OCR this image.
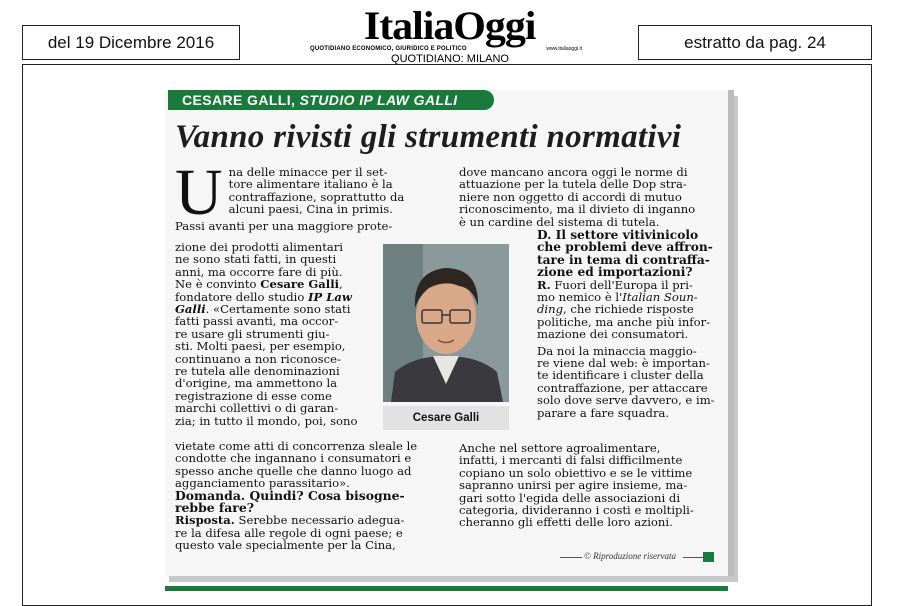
del 19 Dicembre 2016	ItaliaOggi
QUOTIDIANO ECONOMICO, GIURIDICO E POLITICO	www.italiaoggi.it
QUOTIDIANO: MILANO
estratto da pag. 24
CESARE GALLI, STUDIO IP LAW GALLI
Vanno rivisti gli strumenti normativi
U na delle minacce per il set-

tore alimentare italiano è la

contraffazione, soprattutto da

alcuni paesi, Cina in primis.

Passi avanti per una maggiore prote-

zione dei prodotti alimentari

ne sono stati fatti, in questi

anni, ma occorre fare di più.

Ne è convinto Cesare Galli,

fondatore dello studio IP Law

Galli. «Certamente sono stati

fatti passi avanti, ma occor-

re usare gli strumenti giu-

sti. Molti paesi, per esempio,

continuano a non riconosce-

re tutela alle denominazioni

d'origine, ma ammettono la

registrazione di esse come

marchi collettivi o di garan-

zia; in tutto il mondo, poi, sono

vietate come atti di concorrenza sleale le

condotte che ingannano i consumatori e

spesso anche quelle che danno luogo ad

agganciamento parassitario».

Domanda. Quindi? Cosa bisogne-

rebbe fare?

Risposta. Serebbe necessario adegua-

re la difesa alle regole di ogni paese; e

questo vale specialmente per la Cina,

Cesare Galli

dove mancano ancora oggi le norme di

attuazione per la tutela delle Dop stra-

niere non oggetto di accordi di mutuo

riconoscimento, ma il divieto di inganno

è un cardine del sistema di tutela.

D. Il settore vitivinicolo

che problemi deve affron-

tare in tema di contraffa-

zione ed importazioni?

R. Fuori dell'Europa il pri-

mo nemico è l'Italian Soun-

ding, che richiede risposte

politiche, ma anche più infor-

mazione dei consumatori.

Da noi la minaccia maggio-

re viene dal web: è importan-

te identificare i cluster della

contraffazione, per attaccare

solo dove serve davvero, e im-

parare a fare squadra.

Anche nel settore agroalimentare,

infatti, i mercanti di falsi difficilmente

copiano un solo obiettivo e se le vittime

sapranno unirsi per agire insieme, ma-

gari sotto l'egida delle associazioni di

categoria, divideranno i costi e moltipli-

cheranno gli effetti delle loro azioni.

© Riproduzione riservata
